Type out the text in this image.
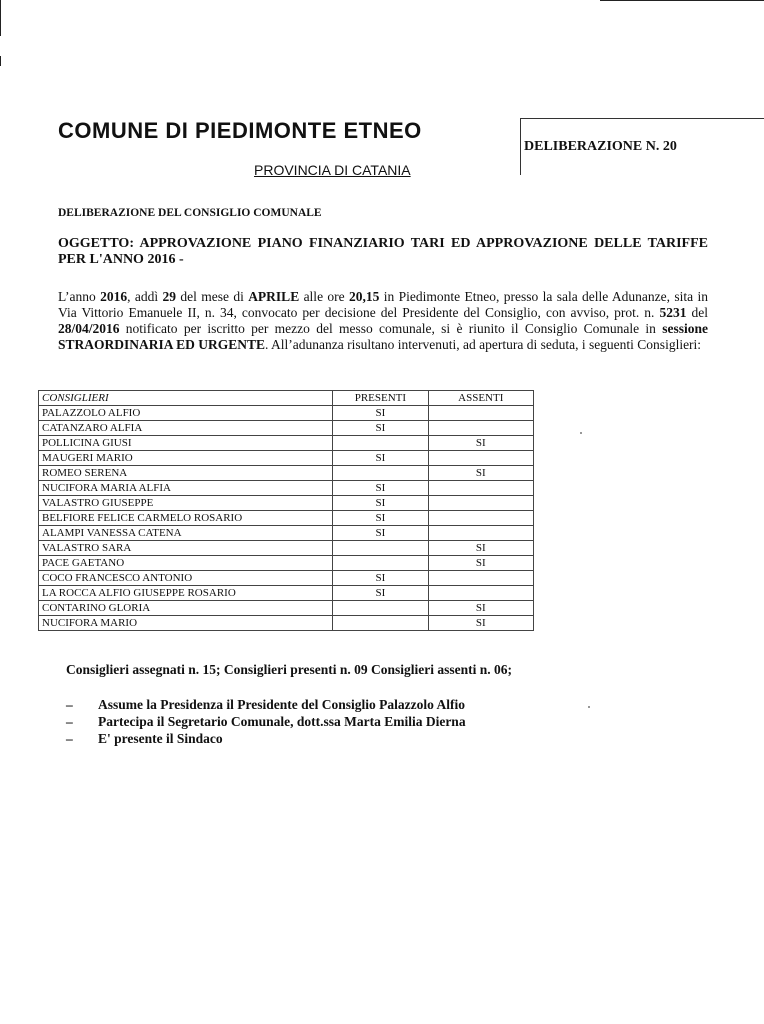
COMUNE DI PIEDIMONTE ETNEO
PROVINCIA DI CATANIA
DELIBERAZIONE N. 20
DELIBERAZIONE DEL CONSIGLIO COMUNALE
OGGETTO: APPROVAZIONE PIANO FINANZIARIO TARI ED APPROVAZIONE DELLE TARIFFE PER L'ANNO 2016 -
L’anno 2016, addì 29 del mese di APRILE alle ore 20,15 in Piedimonte Etneo, presso la sala delle Adunanze, sita in Via Vittorio Emanuele II, n. 34, convocato per decisione del Presidente del Consiglio, con avviso, prot. n. 5231 del 28/04/2016 notificato per iscritto per mezzo del messo comunale, si è riunito il Consiglio Comunale in sessione STRAORDINARIA ED URGENTE. All’adunanza risultano intervenuti, ad apertura di seduta, i seguenti Consiglieri:
CONSIGLIERI	PRESENTI	ASSENTI
PALAZZOLO ALFIO	SI	
CATANZARO ALFIA	SI	
POLLICINA GIUSI		SI
MAUGERI MARIO	SI	
ROMEO SERENA		SI
NUCIFORA MARIA ALFIA	SI	
VALASTRO GIUSEPPE	SI	
BELFIORE FELICE CARMELO ROSARIO	SI	
ALAMPI VANESSA CATENA	SI	
VALASTRO SARA		SI
PACE GAETANO		SI
COCO FRANCESCO ANTONIO	SI	
LA ROCCA ALFIO GIUSEPPE ROSARIO	SI	
CONTARINO GLORIA		SI
NUCIFORA MARIO		SI
Consiglieri assegnati n. 15; Consiglieri presenti n. 09 Consiglieri assenti n. 06;
– Assume la Presidenza il Presidente del Consiglio Palazzolo Alfio
– Partecipa il Segretario Comunale, dott.ssa Marta Emilia Dierna
– E' presente il Sindaco
